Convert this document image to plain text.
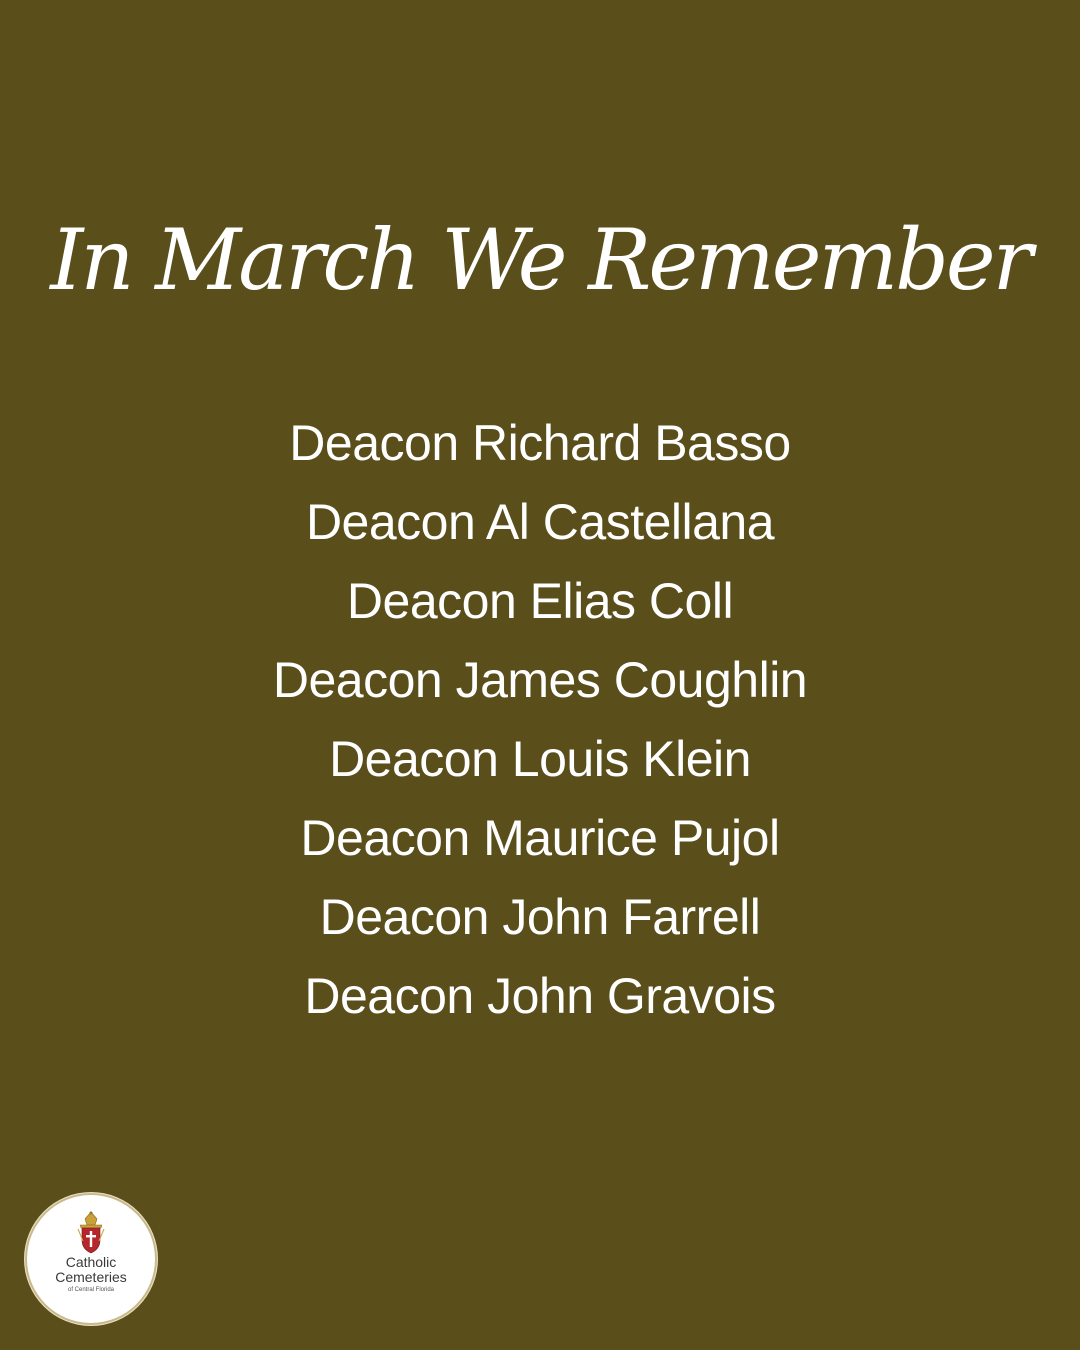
In March We Remember
Deacon Richard Basso
Deacon Al Castellana
Deacon Elias Coll
Deacon James Coughlin
Deacon Louis Klein
Deacon Maurice Pujol
Deacon John Farrell
Deacon John Gravois
Catholic
Cemeteries
of Central Florida
